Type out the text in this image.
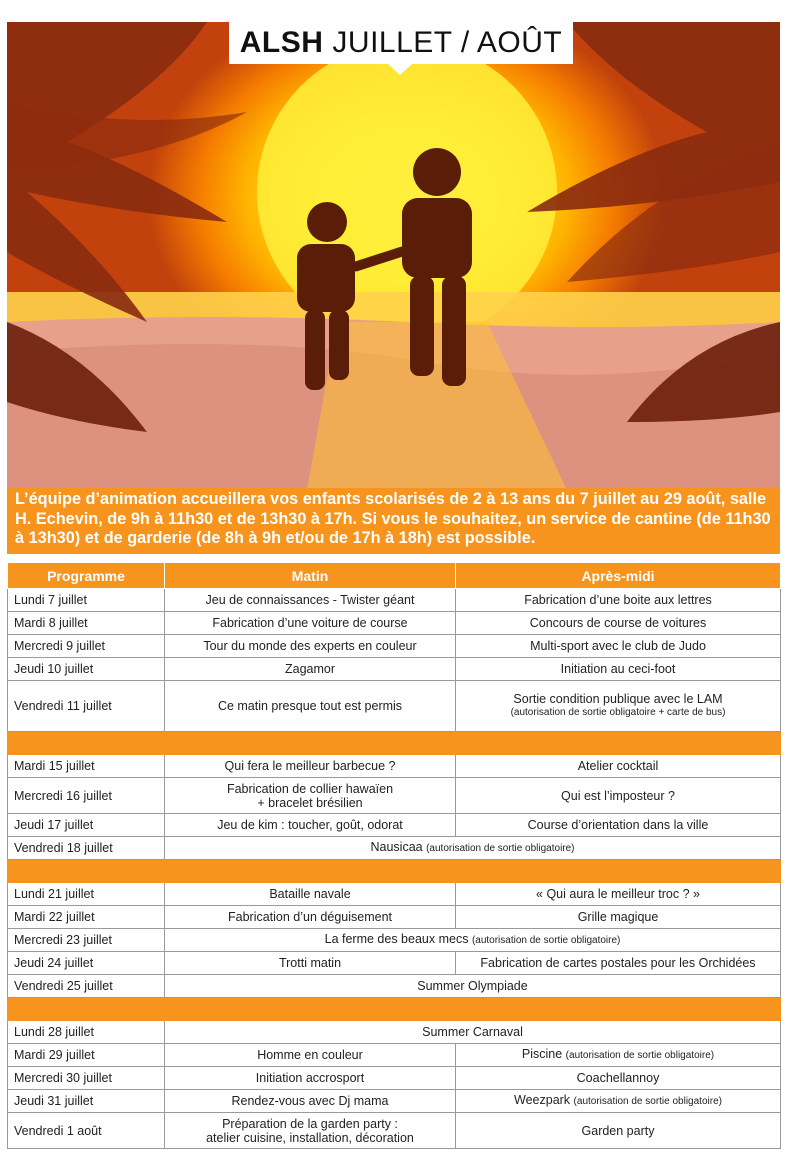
ALSH JUILLET / AOÛT
L’équipe d’animation accueillera vos enfants scolarisés de 2 à 13 ans du 7 juillet au 29 août, salle H. Echevin, de 9h à 11h30 et de 13h30 à 17h. Si vous le souhaitez, un service de cantine (de 11h30 à 13h30) et de garderie (de 8h à 9h et/ou de 17h à 18h) est possible.
Programme	Matin	Après-midi
Lundi 7 juillet	Jeu de connaissances - Twister géant	Fabrication d’une boite aux lettres
Mardi 8 juillet	Fabrication d’une voiture de course	Concours de course de voitures
Mercredi 9 juillet	Tour du monde des experts en couleur	Multi-sport avec le club de Judo
Jeudi 10 juillet	Zagamor	Initiation au ceci-foot
Vendredi 11 juillet	Ce matin presque tout est permis	Sortie condition publique avec le LAM
(autorisation de sortie obligatoire + carte de bus)

Mardi 15 juillet	Qui fera le meilleur barbecue ?	Atelier cocktail
Mercredi 16 juillet	Fabrication de collier hawaïen
+ bracelet brésilien	Qui est l’imposteur ?
Jeudi 17 juillet	Jeu de kim : toucher, goût, odorat	Course d’orientation dans la ville
Vendredi 18 juillet	Nausicaa (autorisation de sortie obligatoire)	

Lundi 21 juillet	Bataille navale	« Qui aura le meilleur troc ? »
Mardi 22 juillet	Fabrication d’un déguisement	Grille magique
Mercredi 23 juillet	La ferme des beaux mecs (autorisation de sortie obligatoire)	
Jeudi 24 juillet	Trotti matin	Fabrication de cartes postales pour les Orchidées
Vendredi 25 juillet	Summer Olympiade	

Lundi 28 juillet	Summer Carnaval	
Mardi 29 juillet	Homme en couleur	Piscine (autorisation de sortie obligatoire)
Mercredi 30 juillet	Initiation accrosport	Coachellannoy
Jeudi 31 juillet	Rendez-vous avec Dj mama	Weezpark (autorisation de sortie obligatoire)
Vendredi 1 août	Préparation de la garden party :
atelier cuisine, installation, décoration	Garden party
